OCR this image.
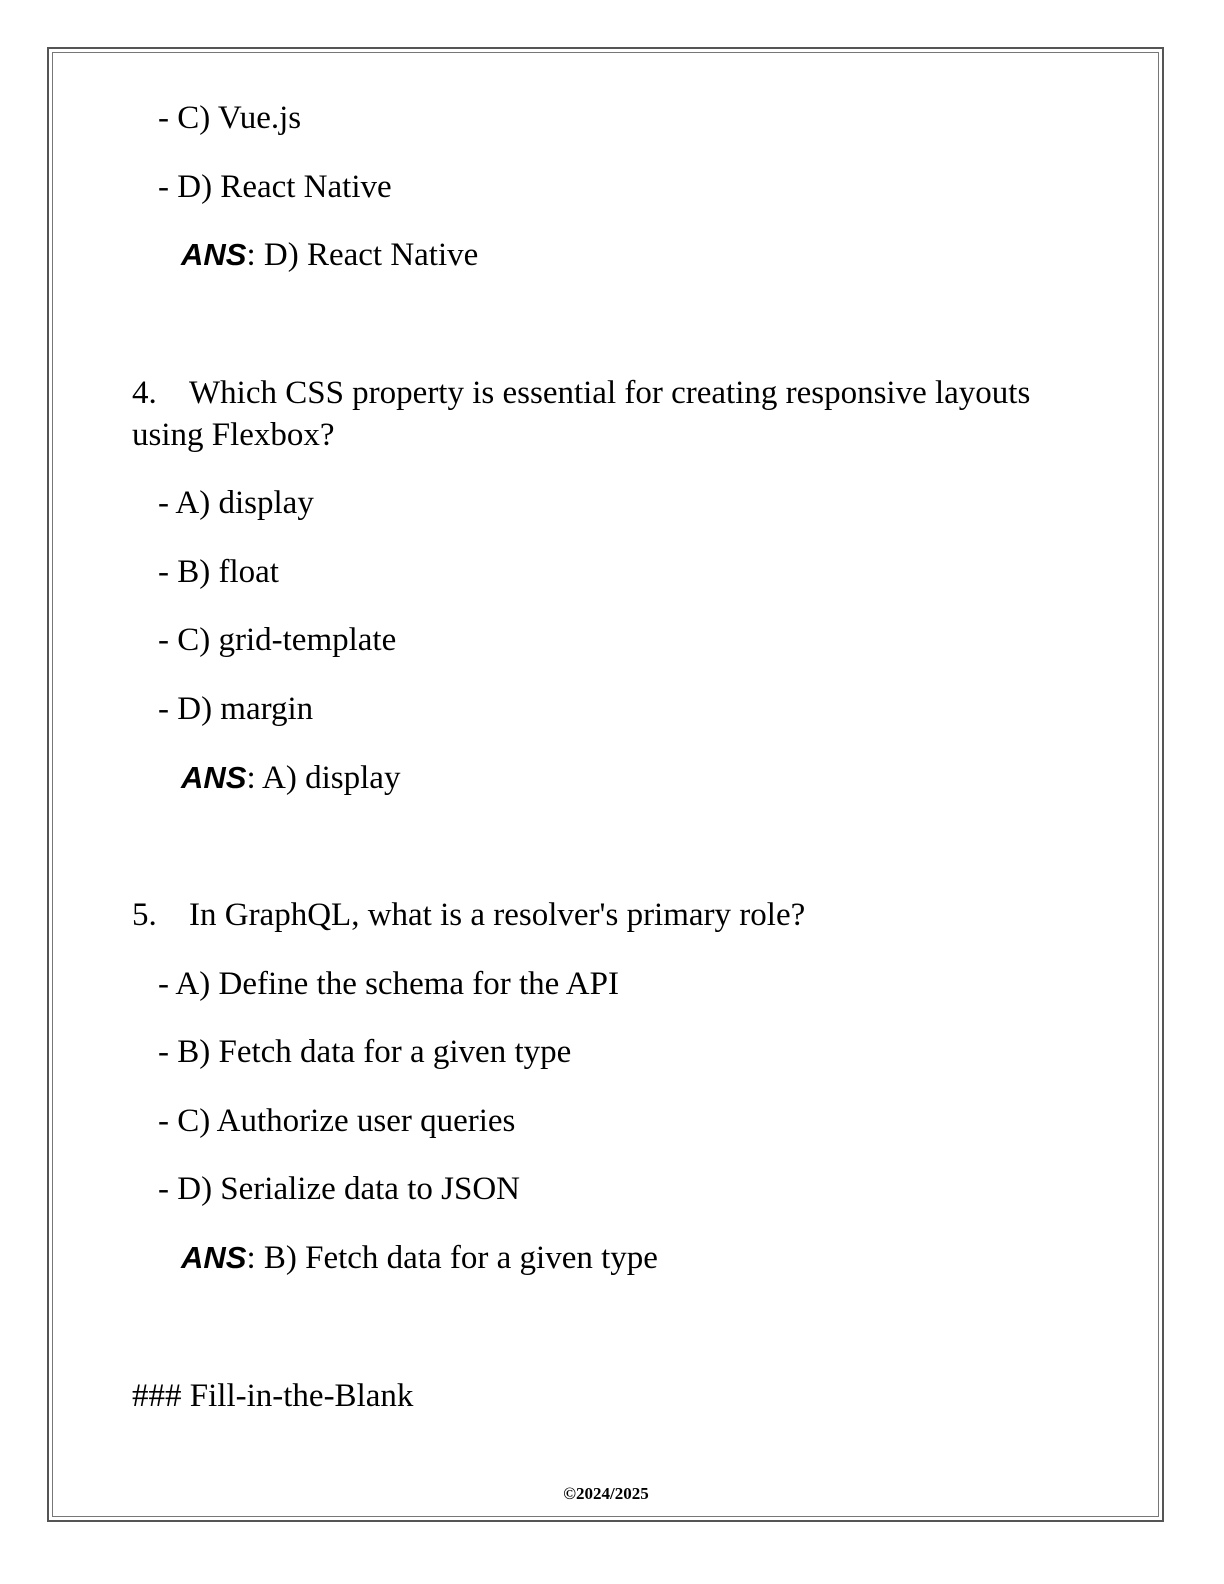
- C) Vue.js
- D) React Native
ANS: D) React Native
4. Which CSS property is essential for creating responsive layouts using Flexbox?
- A) display
- B) float
- C) grid-template
- D) margin
ANS: A) display
5. In GraphQL, what is a resolver's primary role?
- A) Define the schema for the API
- B) Fetch data for a given type
- C) Authorize user queries
- D) Serialize data to JSON
ANS: B) Fetch data for a given type
### Fill-in-the-Blank
©2024/2025
